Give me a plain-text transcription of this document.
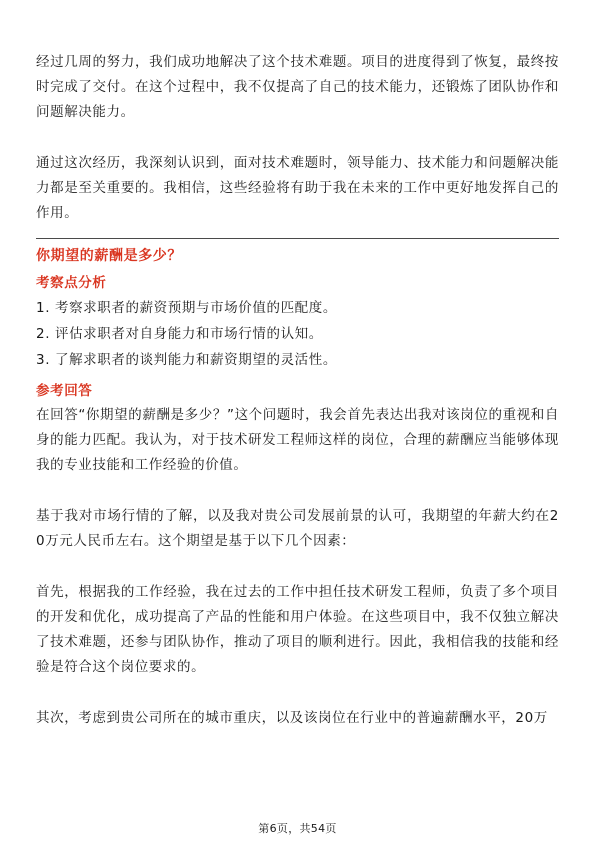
经过几周的努力，我们成功地解决了这个技术难题。项目的进度得到了恢复，最终按时完成了交付。在这个过程中，我不仅提高了自己的技术能力，还锻炼了团队协作和问题解决能力。

通过这次经历，我深刻认识到，面对技术难题时，领导能力、技术能力和问题解决能力都是至关重要的。我相信，这些经验将有助于我在未来的工作中更好地发挥自己的作用。

你期望的薪酬是多少？

考察点分析

1. 考察求职者的薪资预期与市场价值的匹配度。
2. 评估求职者对自身能力和市场行情的认知。
3. 了解求职者的谈判能力和薪资期望的灵活性。

参考回答

在回答“你期望的薪酬是多少？”这个问题时，我会首先表达出我对该岗位的重视和自身的能力匹配。我认为，对于技术研发工程师这样的岗位，合理的薪酬应当能够体现我的专业技能和工作经验的价值。

基于我对市场行情的了解，以及我对贵公司发展前景的认可，我期望的年薪大约在20万元人民币左右。这个期望是基于以下几个因素：

首先，根据我的工作经验，我在过去的工作中担任技术研发工程师，负责了多个项目的开发和优化，成功提高了产品的性能和用户体验。在这些项目中，我不仅独立解决了技术难题，还参与团队协作，推动了项目的顺利进行。因此，我相信我的技能和经验是符合这个岗位要求的。

其次，考虑到贵公司所在的城市重庆，以及该岗位在行业中的普遍薪酬水平，20万

第6页，共54页
